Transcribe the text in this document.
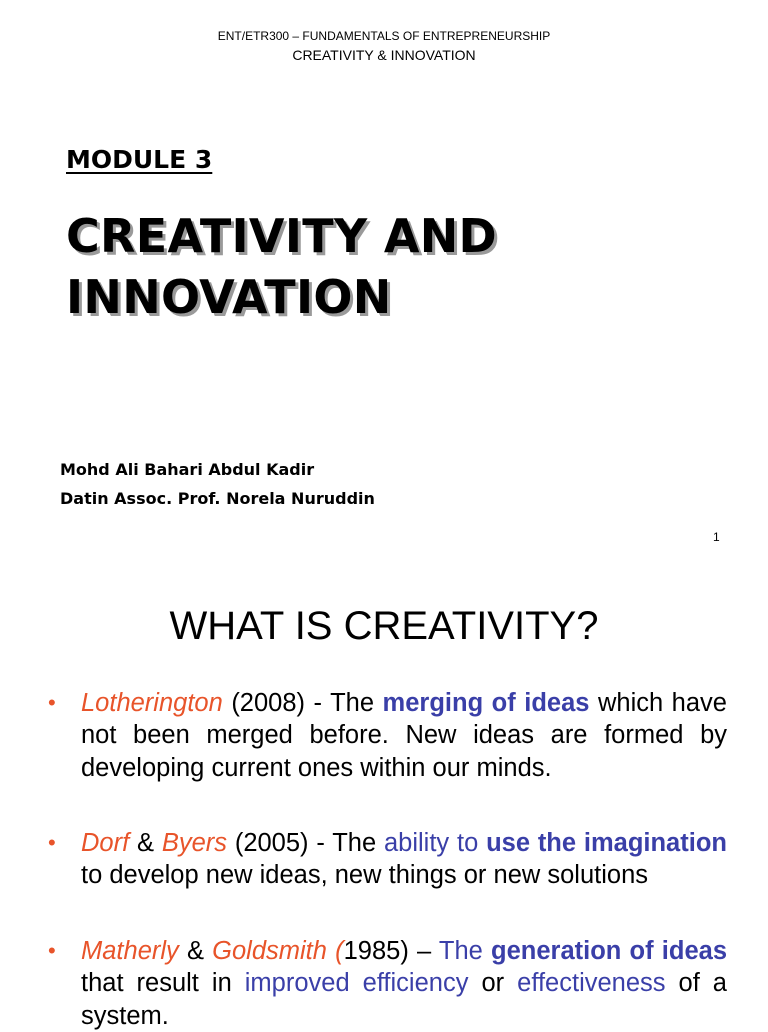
ENT/ETR300 – FUNDAMENTALS OF ENTREPRENEURSHIP
CREATIVITY & INNOVATION
MODULE 3
CREATIVITY AND
INNOVATION
Mohd Ali Bahari Abdul Kadir
Datin Assoc. Prof. Norela Nuruddin
1
WHAT IS CREATIVITY?
• Lotherington (2008) - The merging of ideas which have not been merged before. New ideas are formed by developing current ones within our minds.
• Dorf & Byers (2005) - The ability to use the imagination to develop new ideas, new things or new solutions
• Matherly & Goldsmith (1985) – The generation of ideas that result in improved efficiency or effectiveness of a system.
